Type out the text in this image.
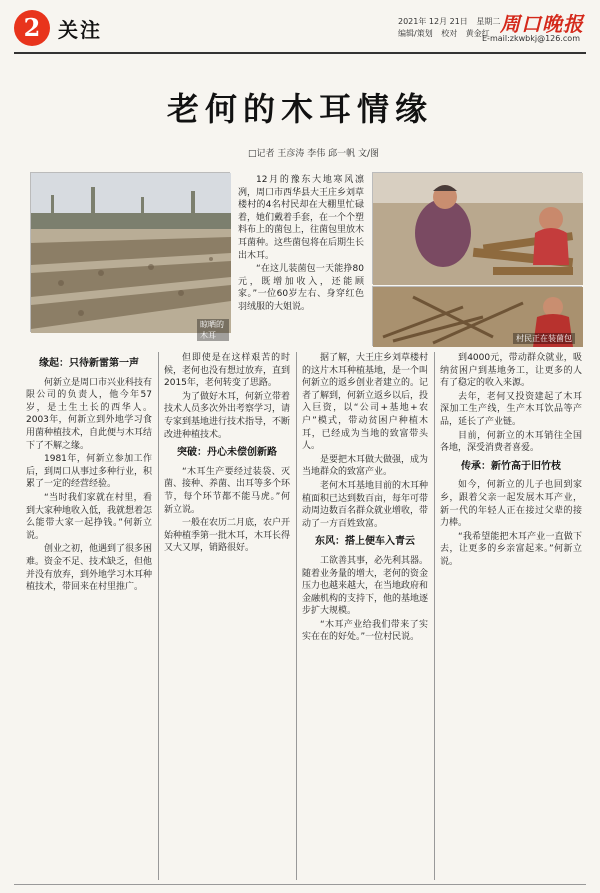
2 关注	2021年 12月 21日 星期二
编辑/策划 校对 黄金红 周口晚报
E-mail:zkwbkj@126.com
老何的木耳情缘
□记者 王彦涛 李伟 邱一帆 文/图
晾晒的木耳	村民正在装菌包

12月的豫东大地寒风凛冽，周口市西华县大王庄乡刘草楼村的4名村民却在大棚里忙碌着，她们戴着手套，在一个个塑料布上的菌包上，往菌包里放木耳菌种。这些菌包将在后期生长出木耳。

“在这儿装菌包一天能挣80元，既增加收入，还能顾家。”一位60岁左右、身穿红色羽绒服的大姐说。

缘起：只待新雷第一声

何新立是周口市兴业科技有限公司的负责人，他今年57岁，是土生土长的西华人。2003年，何新立到外地学习食用菌种植技术，自此便与木耳结下了不解之缘。

1981年，何新立参加工作后，到周口从事过多种行业，积累了一定的经营经验。

“当时我们家就在村里，看到大家种地收入低，我就想着怎么能带大家一起挣钱。”何新立说。

创业之初，他遇到了很多困难。资金不足、技术缺乏，但他并没有放弃，到外地学习木耳种植技术，带回来在村里推广。

但即使是在这样艰苦的时候，老何也没有想过放弃，直到2015年，老何转变了思路。

为了做好木耳，何新立带着技术人员多次外出考察学习，请专家到基地进行技术指导，不断改进种植技术。

突破：丹心未偿创新路

“木耳生产要经过装袋、灭菌、接种、养菌、出耳等多个环节，每个环节都不能马虎。”何新立说。

一般在农历二月底，农户开始种植季第一批木耳，木耳长得又大又厚，销路很好。

据了解，大王庄乡刘草楼村的这片木耳种植基地，是一个叫何新立的返乡创业者建立的。记者了解到，何新立返乡以后，投入巨资，以“公司+基地+农户”模式，带动贫困户种植木耳，已经成为当地的致富带头人。

是要把木耳做大做强，成为当地群众的致富产业。

老何木耳基地目前的木耳种植面积已达到数百亩，每年可带动周边数百名群众就业增收，带动了一方百姓致富。

东风：搭上便车入青云

工欲善其事，必先利其器。随着业务量的增大，老何的资金压力也越来越大，在当地政府和金融机构的支持下，他的基地逐步扩大规模。

“木耳产业给我们带来了实实在在的好处。”一位村民说。

到4000元，带动群众就业，吸纳贫困户到基地务工，让更多的人有了稳定的收入来源。

去年，老何又投资建起了木耳深加工生产线，生产木耳饮品等产品，延长了产业链。

目前，何新立的木耳销往全国各地，深受消费者喜爱。

传承：新竹高于旧竹枝

如今，何新立的儿子也回到家乡，跟着父亲一起发展木耳产业，新一代的年轻人正在接过父辈的接力棒。

“我希望能把木耳产业一直做下去，让更多的乡亲富起来。”何新立说。
